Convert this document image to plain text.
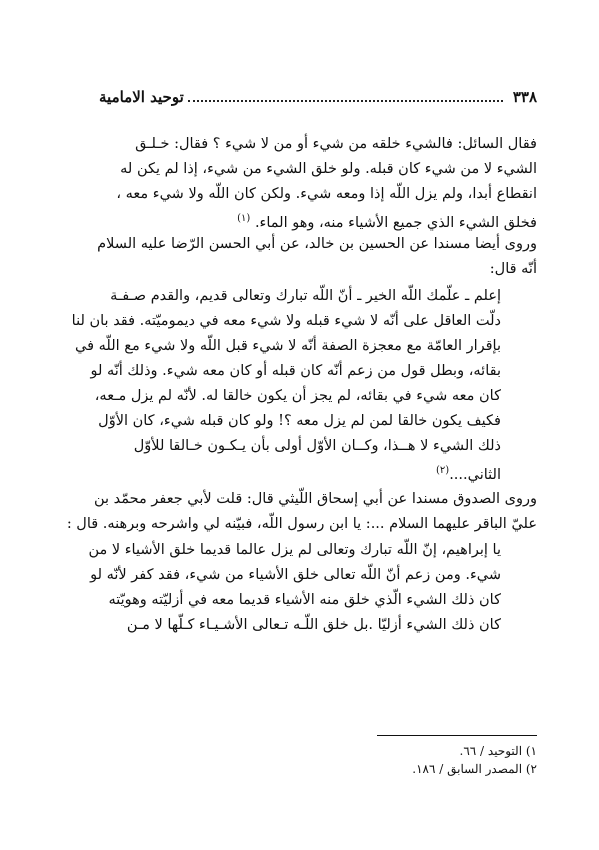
٣٣٨
توحيد الامامية
فقال السائل: فالشيء خلقه من شيء أو من لا شيء ؟ فقال: خـلـق
الشيء لا من شيء كان قبله. ولو خلق الشيء من شيء، إذا لم يكن له
انقطاع أبدا، ولم يزل اللّه إذا ومعه شيء. ولكن كان اللّه ولا شيء معه ،
فخلق الشيء الذي جميع الأشياء منه، وهو الماء. $^{(١)}$
وروى أيضا مسندا عن الحسين بن خالد، عن أبي الحسن الرّضا عليه السلام
أنّه قال:
إعلم ـ علّمك اللّه الخير ـ أنّ اللّه تبارك وتعالى قديم، والقدم صـفـة
دلّت العاقل على أنّه لا شيء قبله ولا شيء معه في ديموميّته. فقد بان لنا
بإقرار العامّة مع معجزة الصفة أنّه لا شيء قبل اللّه ولا شيء مع اللّه في
بقائه، وبطل قول من زعم أنّه كان قبله أو كان معه شيء. وذلك أنّه لو
كان معه شيء في بقائه، لم يجز أن يكون خالقا له. لأنّه لم يزل مـعه،
فكيف يكون خالقا لمن لم يزل معه ؟! ولو كان قبله شيء، كان الأوّل
ذلك الشيء لا هــذا، وكــان الأوّل أولى بأن يـكـون خـالقا للأوّل
الثاني....$^{(٢)}$
وروى الصدوق مسندا عن أبي إسحاق اللّيثي قال: قلت لأبي جعفر محمّد بن
عليّ الباقر عليهما السلام ...: يا ابن رسول اللّه، فبيّنه لي واشرحه وبرهنه. قال :
يا إبراهيم، إنّ اللّه تبارك وتعالى لم يزل عالما قديما خلق الأشياء لا من
شيء. ومن زعم أنّ اللّه تعالى خلق الأشياء من شيء، فقد كفر لأنّه لو
كان ذلك الشيء الّذي خلق منه الأشياء قديما معه في أزليّته وهويّته
كان ذلك الشيء أزليّا .بل خلق اللّـه تـعالى الأشـيـاء كـلّها لا مـن
١) التوحيد / ٦٦.
٢) المصدر السابق / ١٨٦.
